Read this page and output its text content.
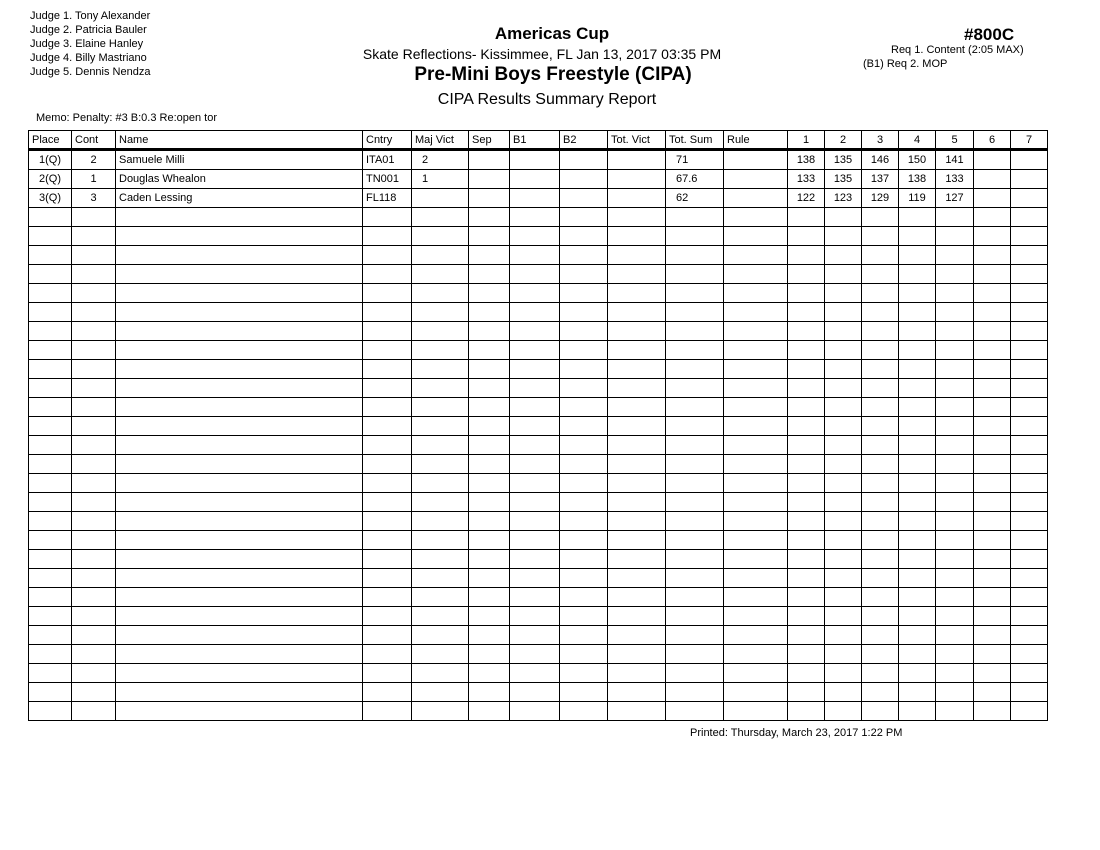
Judge 1. Tony Alexander
Judge 2. Patricia Bauler
Judge 3. Elaine Hanley
Judge 4. Billy Mastriano
Judge 5. Dennis Nendza
Americas Cup
Skate Reflections- Kissimmee, FL Jan 13, 2017 03:35 PM
Pre-Mini Boys Freestyle (CIPA)
CIPA Results Summary Report
#800C
Req 1. Content (2:05 MAX)
(B1) Req 2. MOP
Memo: Penalty: #3 B:0.3 Re:open tor
Place	Cont	Name	Cntry	Maj Vict	Sep	B1	B2	Tot. Vict	Tot. Sum	Rule	1	2	3	4	5	6	7
1(Q)	2	Samuele Milli	ITA01	2					71		138	135	146	150	141		
2(Q)	1	Douglas Whealon	TN001	1					67.6		133	135	137	138	133		
3(Q)	3	Caden Lessing	FL118						62		122	123	129	119	127		

Printed: Thursday, March 23, 2017 1:22 PM
